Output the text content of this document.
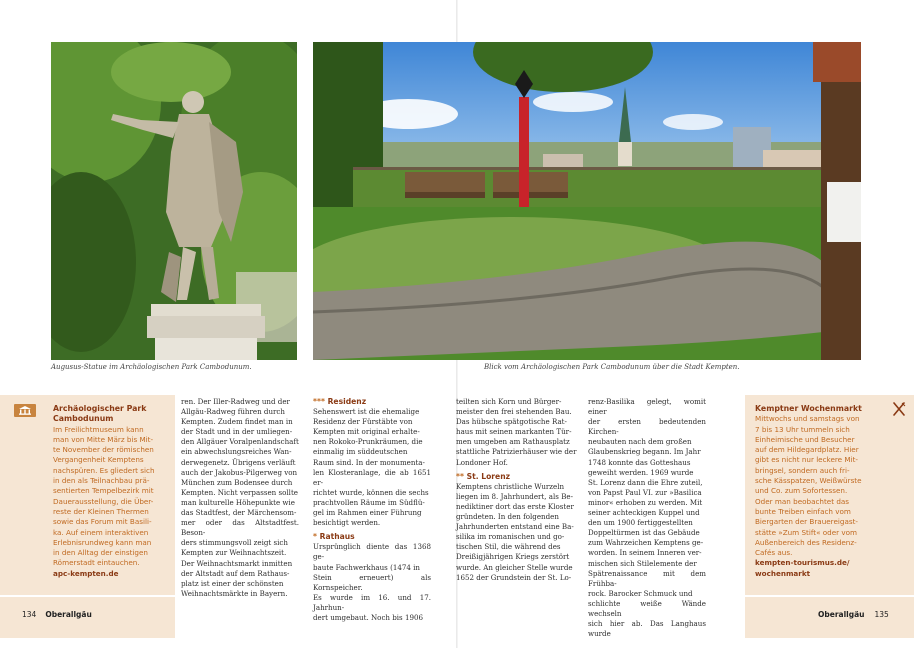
Augusus-Statue im Archäologischen Park Cambodunum.	Blick vom Archäologischen Park Cambodunum über die Stadt Kempten.
Archäologischer Park
Cambodunum
Im Freilichtmuseum kann
man von Mitte März bis Mit-
te November der römischen
Vergangenheit Kemptens
nachspüren. Es gliedert sich
in den als Teilnachbau prä-
sentierten Tempelbezirk mit
Dauerausstellung, die Über-
reste der Kleinen Thermen
sowie das Forum mit Basili-
ka. Auf einem interaktiven
Erlebnisrundweg kann man
in den Alltag der einstigen
Römerstadt eintauchen.
apc-kempten.de

ren. Der Iller-Radweg und der

Allgäu-Radweg führen durch

Kempten. Zudem findet man in

der Stadt und in der umliegen-

den Allgäuer Voralpenlandschaft

ein abwechslungsreiches Wan-

derwegenetz. Übrigens verläuft

auch der Jakobus-Pilgerweg von

München zum Bodensee durch

Kempten. Nicht verpassen sollte

man kulturelle Höhepunkte wie

das Stadtfest, der Märchensom-

mer oder das Altstadtfest. Beson-

ders stimmungsvoll zeigt sich

Kempten zur Weihnachtszeit.

Der Weihnachtsmarkt inmitten

der Altstadt auf dem Rathaus-

platz ist einer der schönsten

Weihnachtsmärkte in Bayern.

*** Residenz

Sehenswert ist die ehemalige

Residenz der Fürstäbte von

Kempten mit original erhalte-

nen Rokoko-Prunkräumen, die

einmalig im süddeutschen

Raum sind. In der monumenta-

len Klosteranlage, die ab 1651 er-

richtet wurde, können die sechs

prachtvollen Räume im Südflü-

gel im Rahmen einer Führung

besichtigt werden.

* Rathaus

Ursprünglich diente das 1368 ge-

baute Fachwerkhaus (1474 in

Stein erneuert) als Kornspeicher.

Es wurde im 16. und 17. Jahrhun-

dert umgebaut. Noch bis 1906

teilten sich Korn und Bürger-

meister den frei stehenden Bau.

Das hübsche spätgotische Rat-

haus mit seinen markanten Tür-

men umgeben am Rathausplatz

stattliche Patrizierhäuser wie der

Londoner Hof.

** St. Lorenz

Kemptens christliche Wurzeln

liegen im 8. Jahrhundert, als Be-

nediktiner dort das erste Kloster

gründeten. In den folgenden

Jahrhunderten entstand eine Ba-

silika im romanischen und go-

tischen Stil, die während des

Dreißigjährigen Kriegs zerstört

wurde. An gleicher Stelle wurde

1652 der Grundstein der St. Lo-

renz-Basilika gelegt, womit einer

der ersten bedeutenden Kirchen-

neubauten nach dem großen

Glaubenskrieg begann. Im Jahr

1748 konnte das Gotteshaus

geweiht werden. 1969 wurde

St. Lorenz dann die Ehre zuteil,

von Papst Paul VI. zur »Basilica

minor« erhoben zu werden. Mit

seiner achteckigen Kuppel und

den um 1900 fertiggestellten

Doppeltürmen ist das Gebäude

zum Wahrzeichen Kemptens ge-

worden. In seinem Inneren ver-

mischen sich Stilelemente der

Spätrenaissance mit dem Frühba-

rock. Barocker Schmuck und

schlichte weiße Wände wechseln

sich hier ab. Das Langhaus wurde

Kemptner Wochenmarkt
Mittwochs und samstags von
7 bis 13 Uhr tummeln sich
Einheimische und Besucher
auf dem Hildegardplatz. Hier
gibt es nicht nur leckere Mit-
bringsel, sondern auch fri-
sche Kässpatzen, Weißwürste
und Co. zum Sofortessen.
Oder man beobachtet das
bunte Treiben einfach vom
Biergarten der Brauereigast-
stätte »Zum Stift« oder vom
Außenbereich des Residenz-
Cafés aus.
kempten-tourismus.de/
wochenmarkt
134 Oberallgäu	Oberallgäu 135
